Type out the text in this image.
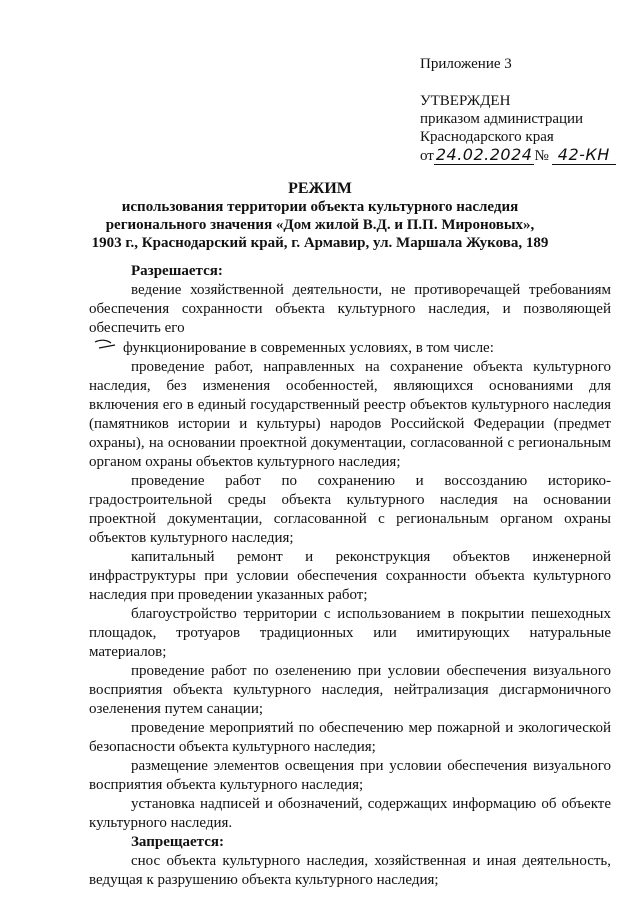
Приложение 3

УТВЕРЖДЕН

приказом администрации

Краснодарского края

от 24.02.2024 № 42-КН

РЕЖИМ

использования территории объекта культурного наследия регионального значения «Дом жилой В.Д. и П.П. Мироновых», 1903 г., Краснодарский край, г. Армавир, ул. Маршала Жукова, 189

Разрешается:

ведение хозяйственной деятельности, не противоречащей требованиям обеспечения сохранности объекта культурного наследия, и позволяющей обеспечить его

функционирование в современных условиях, в том числе:

проведение работ, направленных на сохранение объекта культурного наследия, без изменения особенностей, являющихся основаниями для включения его в единый государственный реестр объектов культурного наследия (памятников истории и культуры) народов Российской Федерации (предмет охраны), на основании проектной документации, согласованной с региональным органом охраны объектов культурного наследия;

проведение работ по сохранению и воссозданию историко-градостроительной среды объекта культурного наследия на основании проектной документации, согласованной с региональным органом охраны объектов культурного наследия;

капитальный ремонт и реконструкция объектов инженерной инфраструктуры при условии обеспечения сохранности объекта культурного наследия при проведении указанных работ;

благоустройство территории с использованием в покрытии пешеходных площадок, тротуаров традиционных или имитирующих натуральные материалов;

проведение работ по озеленению при условии обеспечения визуального восприятия объекта культурного наследия, нейтрализация дисгармоничного озеленения путем санации;

проведение мероприятий по обеспечению мер пожарной и экологической безопасности объекта культурного наследия;

размещение элементов освещения при условии обеспечения визуального восприятия объекта культурного наследия;

установка надписей и обозначений, содержащих информацию об объекте культурного наследия.

Запрещается:

снос объекта культурного наследия, хозяйственная и иная деятельность, ведущая к разрушению объекта культурного наследия;
